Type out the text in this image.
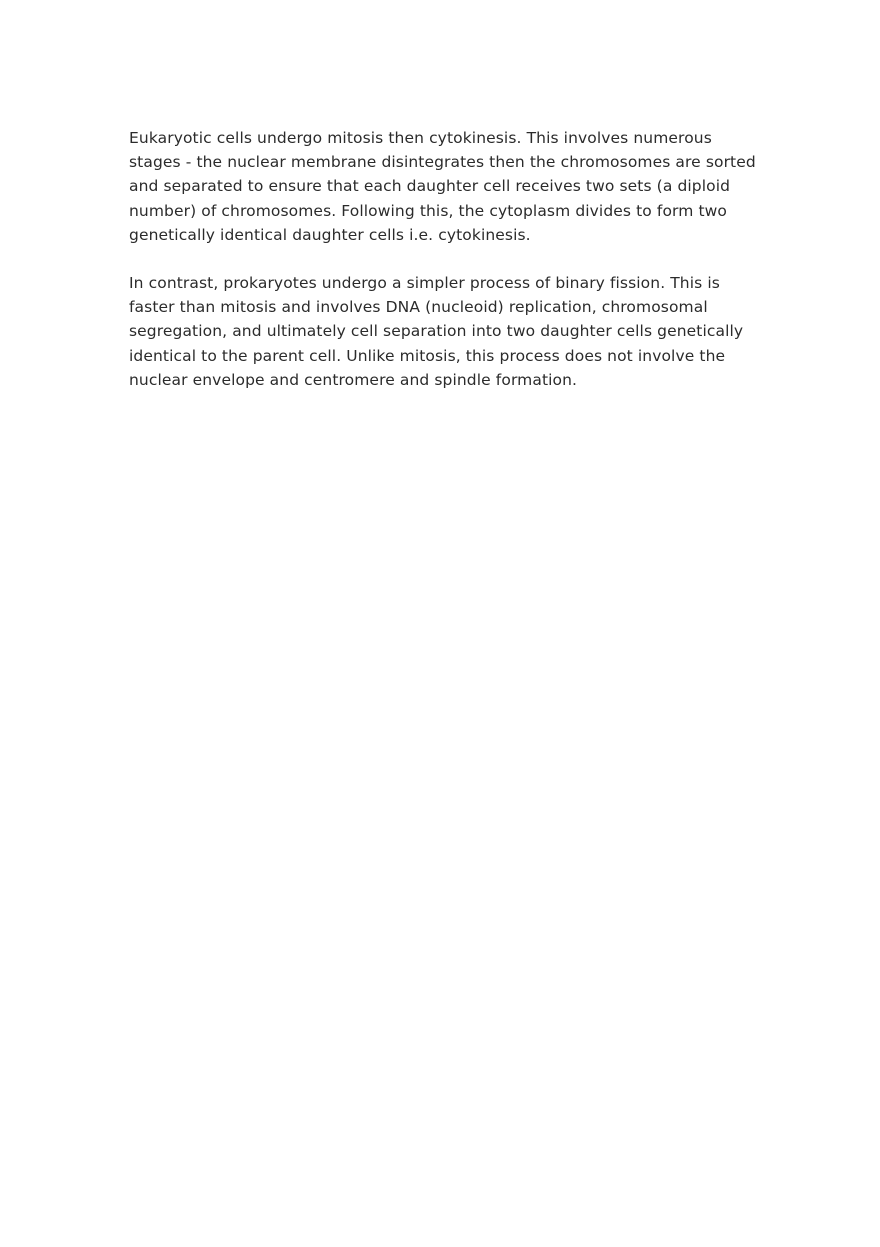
Eukaryotic cells undergo mitosis then cytokinesis. This involves numerous
stages - the nuclear membrane disintegrates then the chromosomes are sorted
and separated to ensure that each daughter cell receives two sets (a diploid
number) of chromosomes. Following this, the cytoplasm divides to form two
genetically identical daughter cells i.e. cytokinesis.

In contrast, prokaryotes undergo a simpler process of binary fission. This is
faster than mitosis and involves DNA (nucleoid) replication, chromosomal
segregation, and ultimately cell separation into two daughter cells genetically
identical to the parent cell. Unlike mitosis, this process does not involve the
nuclear envelope and centromere and spindle formation.
